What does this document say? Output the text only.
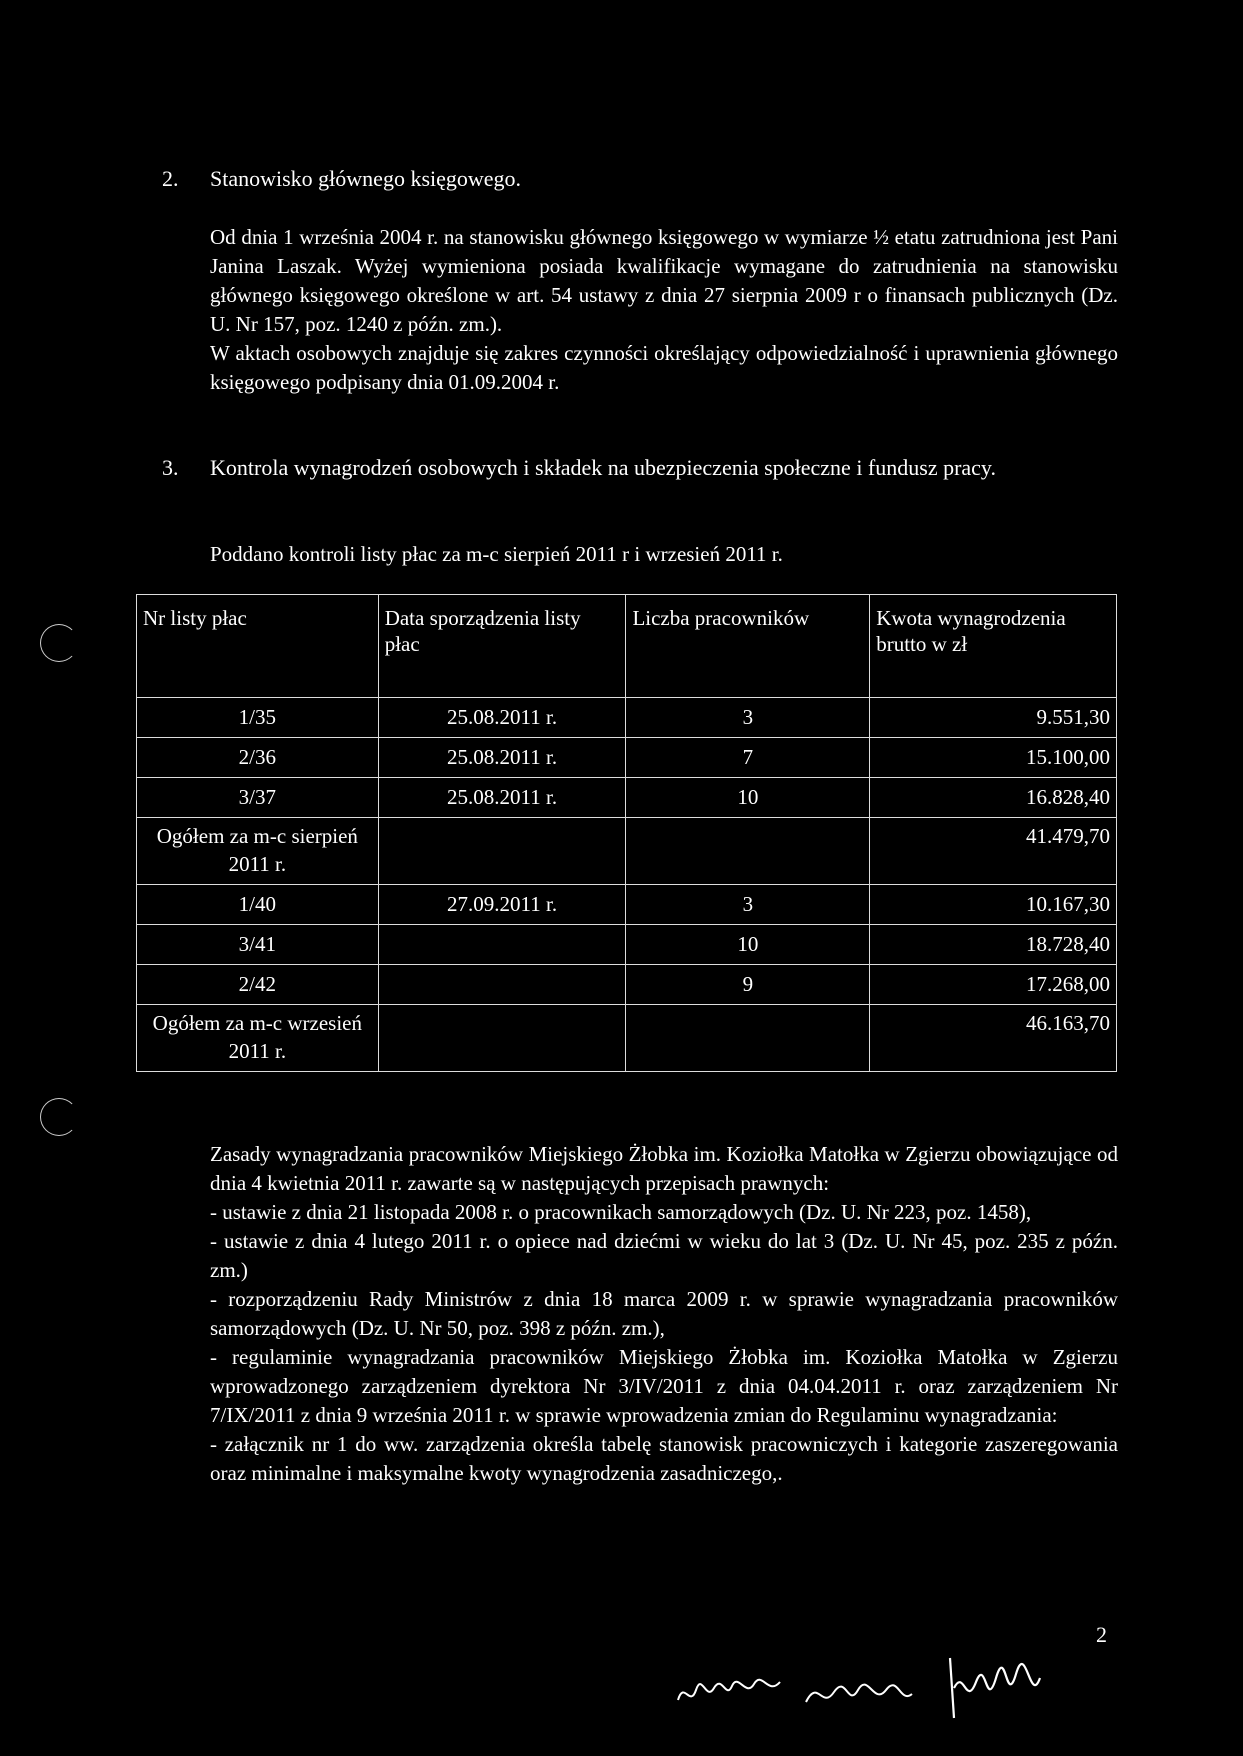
2. Stanowisko głównego księgowego.

Od dnia 1 września 2004 r. na stanowisku głównego księgowego w wymiarze ½ etatu zatrudniona jest Pani Janina Laszak. Wyżej wymieniona posiada kwalifikacje wymagane do zatrudnienia na stanowisku głównego księgowego określone w art. 54 ustawy z dnia 27 sierpnia 2009 r o finansach publicznych (Dz. U. Nr 157, poz. 1240 z późn. zm.).

W aktach osobowych znajduje się zakres czynności określający odpowiedzialność i uprawnienia głównego księgowego podpisany dnia 01.09.2004 r.

3. Kontrola wynagrodzeń osobowych i składek na ubezpieczenia społeczne i fundusz pracy.

Poddano kontroli listy płac za m-c sierpień 2011 r i wrzesień 2011 r.

Nr listy płac	Data sporządzenia listy płac	Liczba pracowników	Kwota wynagrodzenia brutto w zł
1/35	25.08.2011 r.	3	9.551,30
2/36	25.08.2011 r.	7	15.100,00
3/37	25.08.2011 r.	10	16.828,40
Ogółem za m-c sierpień 2011 r.			41.479,70
1/40	27.09.2011 r.	3	10.167,30
3/41		10	18.728,40
2/42		9	17.268,00
Ogółem za m-c wrzesień 2011 r.			46.163,70

Zasady wynagradzania pracowników Miejskiego Żłobka im. Koziołka Matołka w Zgierzu obowiązujące od dnia 4 kwietnia 2011 r. zawarte są w następujących przepisach prawnych:

- ustawie z dnia 21 listopada 2008 r. o pracownikach samorządowych (Dz. U. Nr 223, poz. 1458),

- ustawie z dnia 4 lutego 2011 r. o opiece nad dziećmi w wieku do lat 3 (Dz. U. Nr 45, poz. 235 z późn. zm.)

- rozporządzeniu Rady Ministrów z dnia 18 marca 2009 r. w sprawie wynagradzania pracowników samorządowych (Dz. U. Nr 50, poz. 398 z późn. zm.),

- regulaminie wynagradzania pracowników Miejskiego Żłobka im. Koziołka Matołka w Zgierzu wprowadzonego zarządzeniem dyrektora Nr 3/IV/2011 z dnia 04.04.2011 r. oraz zarządzeniem Nr 7/IX/2011 z dnia 9 września 2011 r. w sprawie wprowadzenia zmian do Regulaminu wynagradzania:

- załącznik nr 1 do ww. zarządzenia określa tabelę stanowisk pracowniczych i kategorie zaszeregowania oraz minimalne i maksymalne kwoty wynagrodzenia zasadniczego,.

2
